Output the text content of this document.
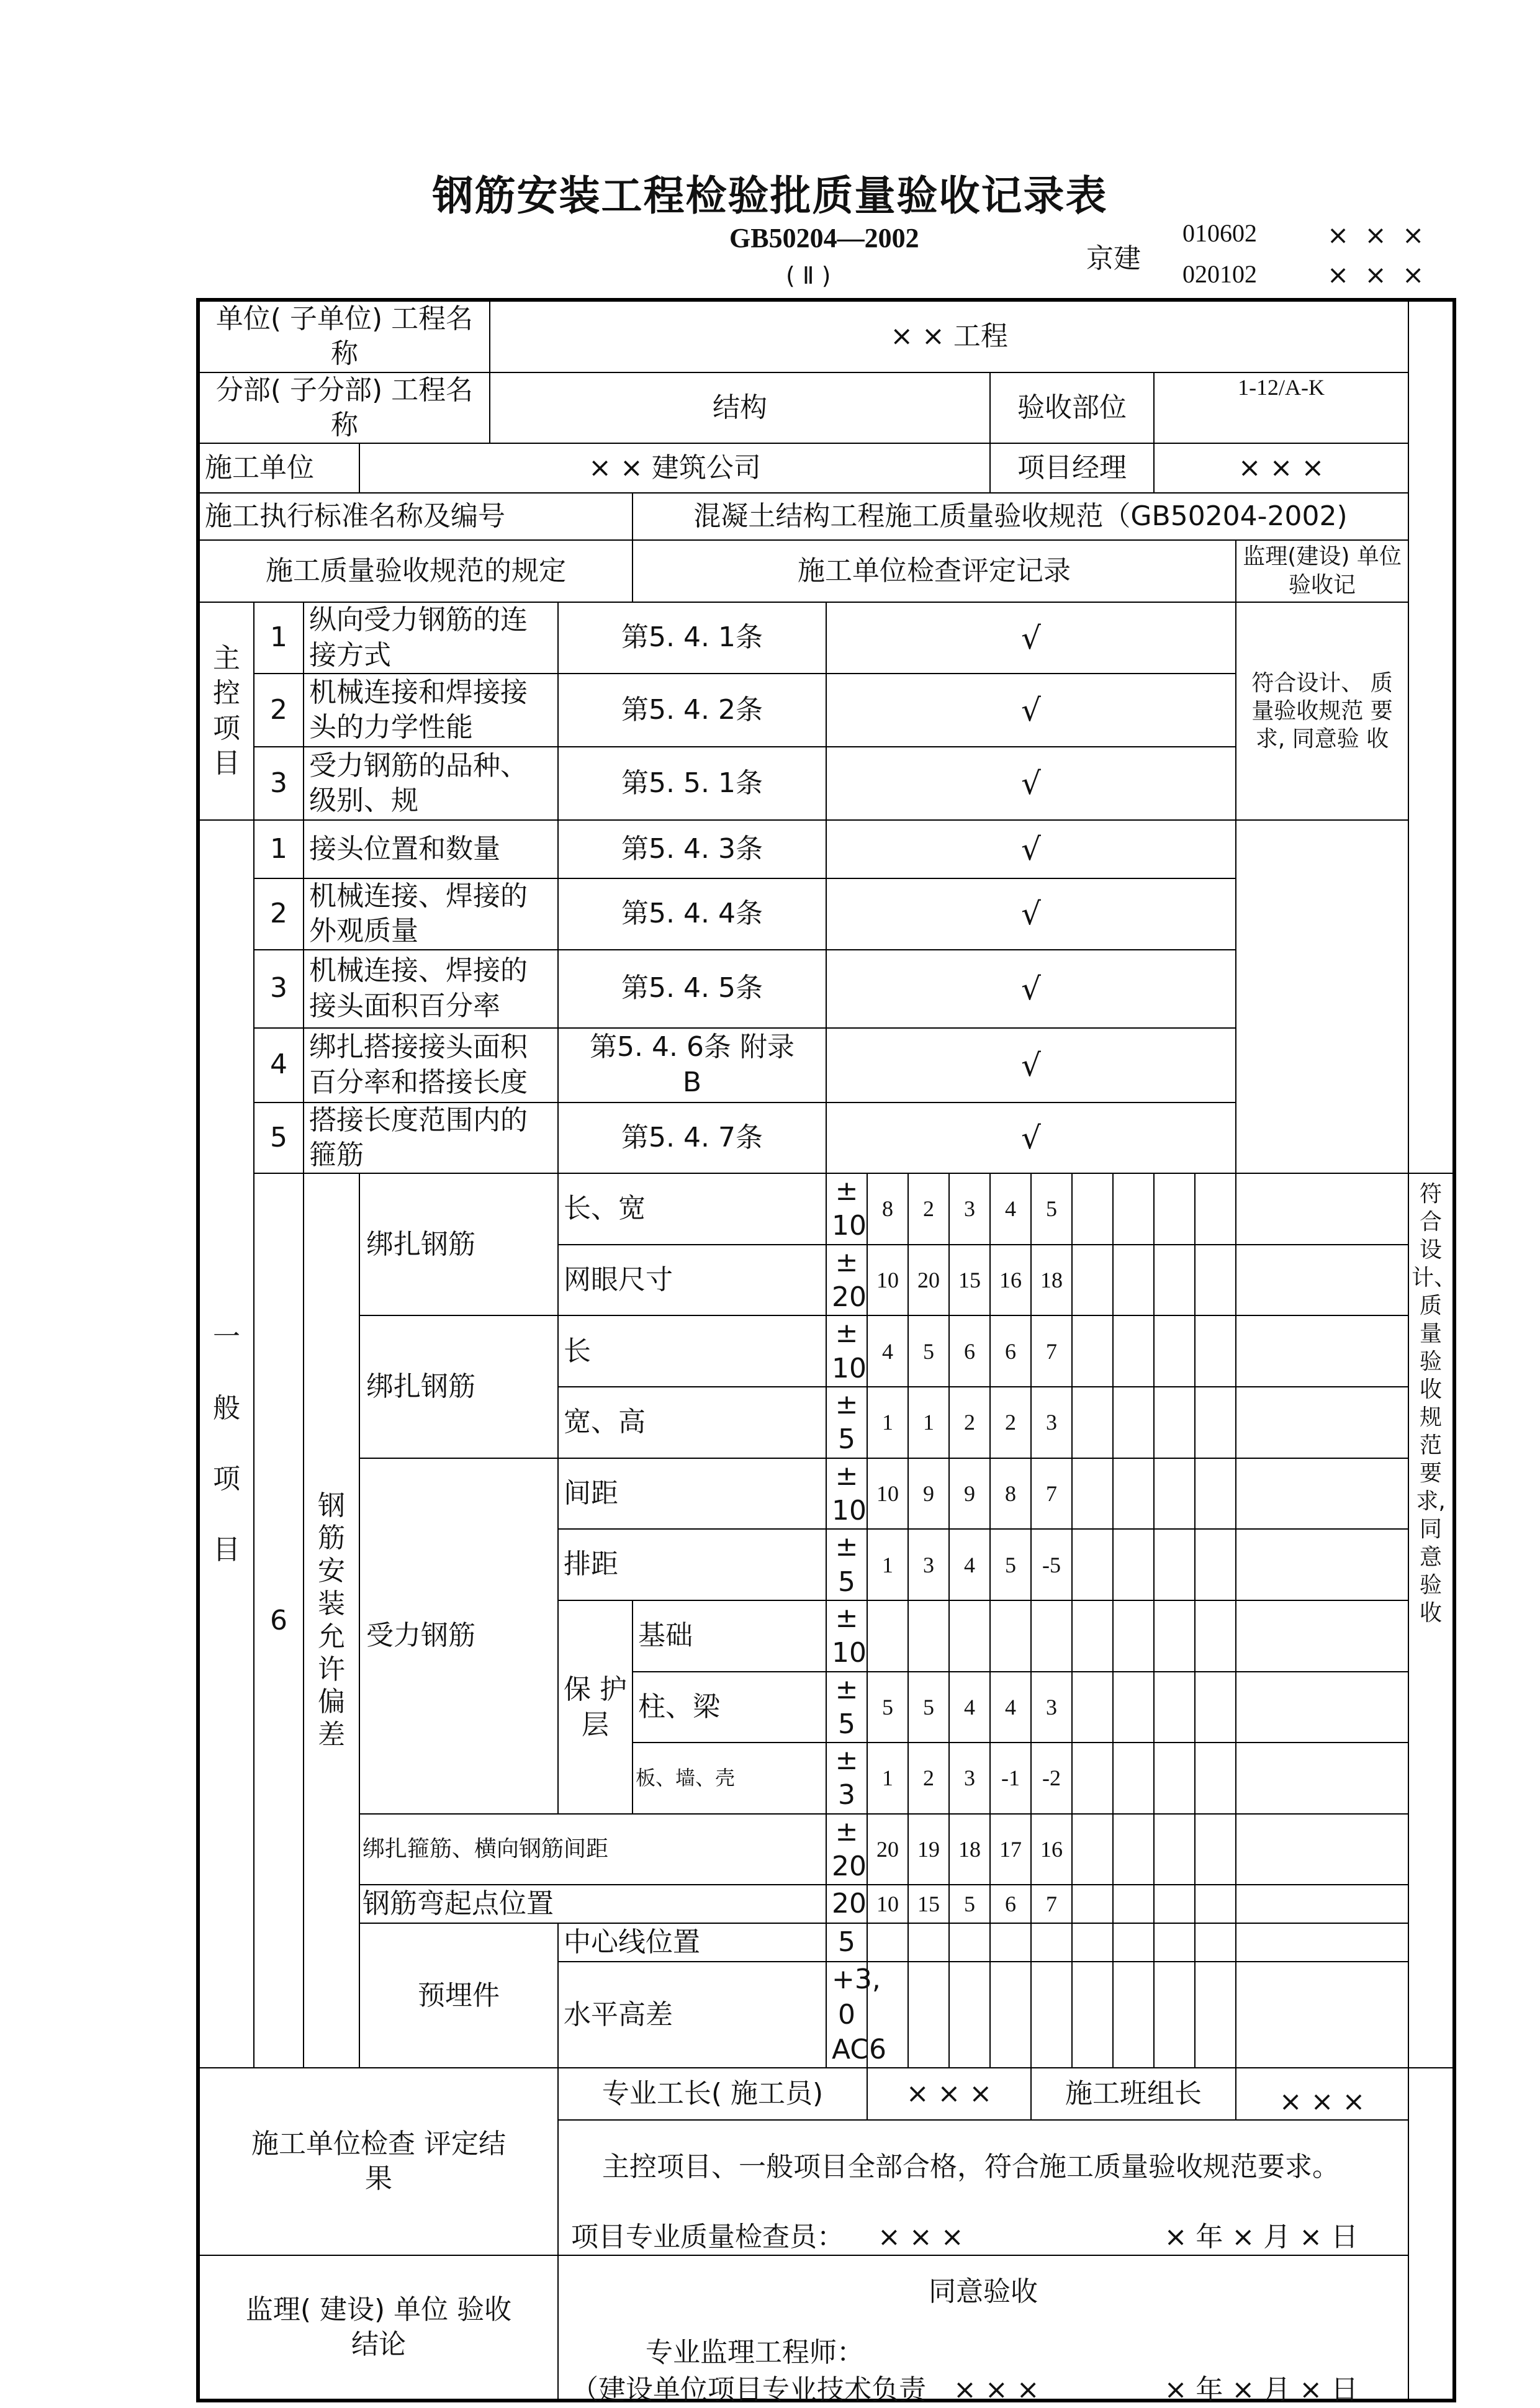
钢筋安装工程检验批质量验收记录表
GB50204—2002
( Ⅱ )
京建
010602
020102
× × ×
× × ×
单位( 子单位) 工程名称				× × 工程														
分部( 子分部) 工程名称				结构							验收部位				1-12/A-K			
施工单位			× × 建筑公司								项目经理				× × ×			
施工执行标准名称及编号						混凝土结构工程施工质量验收规范（GB50204-2002)												
施工质量验收规范的规定						施工单位检查评定记录											监理(建设) 单位验收记	
主 控 项 目	1	纵向受力钢筋的连接方式			第5. 4. 1条		√										符合设计、 质 量验收规范 要 求, 同意验 收	
	2	机械连接和焊接接头的力学性能			第5. 4. 2条		√											
	3	受力钢筋的品种、级别、规			第5. 5. 1条		√											
一 般 项 目	1	接头位置和数量			第5. 4. 3条		√											
	2	机械连接、焊接的外观质量			第5. 4. 4条		√											
	3	机械连接、焊接的接头面积百分率			第5. 4. 5条		√											
	4	绑扎搭接接头面积百分率和搭接长度			第5. 4. 6条 附录B		√											
	5	搭接长度范围内的箍筋			第5. 4. 7条		√											
	6	钢 筋 安 装 允 许 偏 差	绑扎钢筋		长、宽		± 10	8	2	3	4	5						符合设计、 质 量验收规范 要 求, 同意验 收
					网眼尺寸		± 20	10	20	15	16	18						
			绑扎钢筋		长		± 10	4	5	6	6	7						
					宽、高		± 5	1	1	2	2	3						
			受力钢筋		间距		± 10	10	9	9	8	7						
					排距		± 5	1	3	4	5	-5						
					保 护 层	基础	± 10											
						柱、梁	± 5	5	5	4	4	3						
						板、墙、壳	± 3	1	2	3	-1	-2						
			绑扎箍筋、横向钢筋间距				± 20	20	19	18	17	16						
			钢筋弯起点位置				20	10	15	5	6	7						
			预埋件		中心线位置		5											
					水平高差		+3, 0 AC6											
施工单位检查 评定结果					专业工长( 施工员)			× × ×				施工班组长					× × ×	
					主控项目、一般项目全部合格，符合施工质量验收规范要求。													
					项目专业质量检查员： × × × × 年 × 月 × 日													

监理( 建设) 单位 验收结论					同意验收
专业监理工程师：
（建设单位项目专业技术负责 × × × × 年 × 月 × 日													
